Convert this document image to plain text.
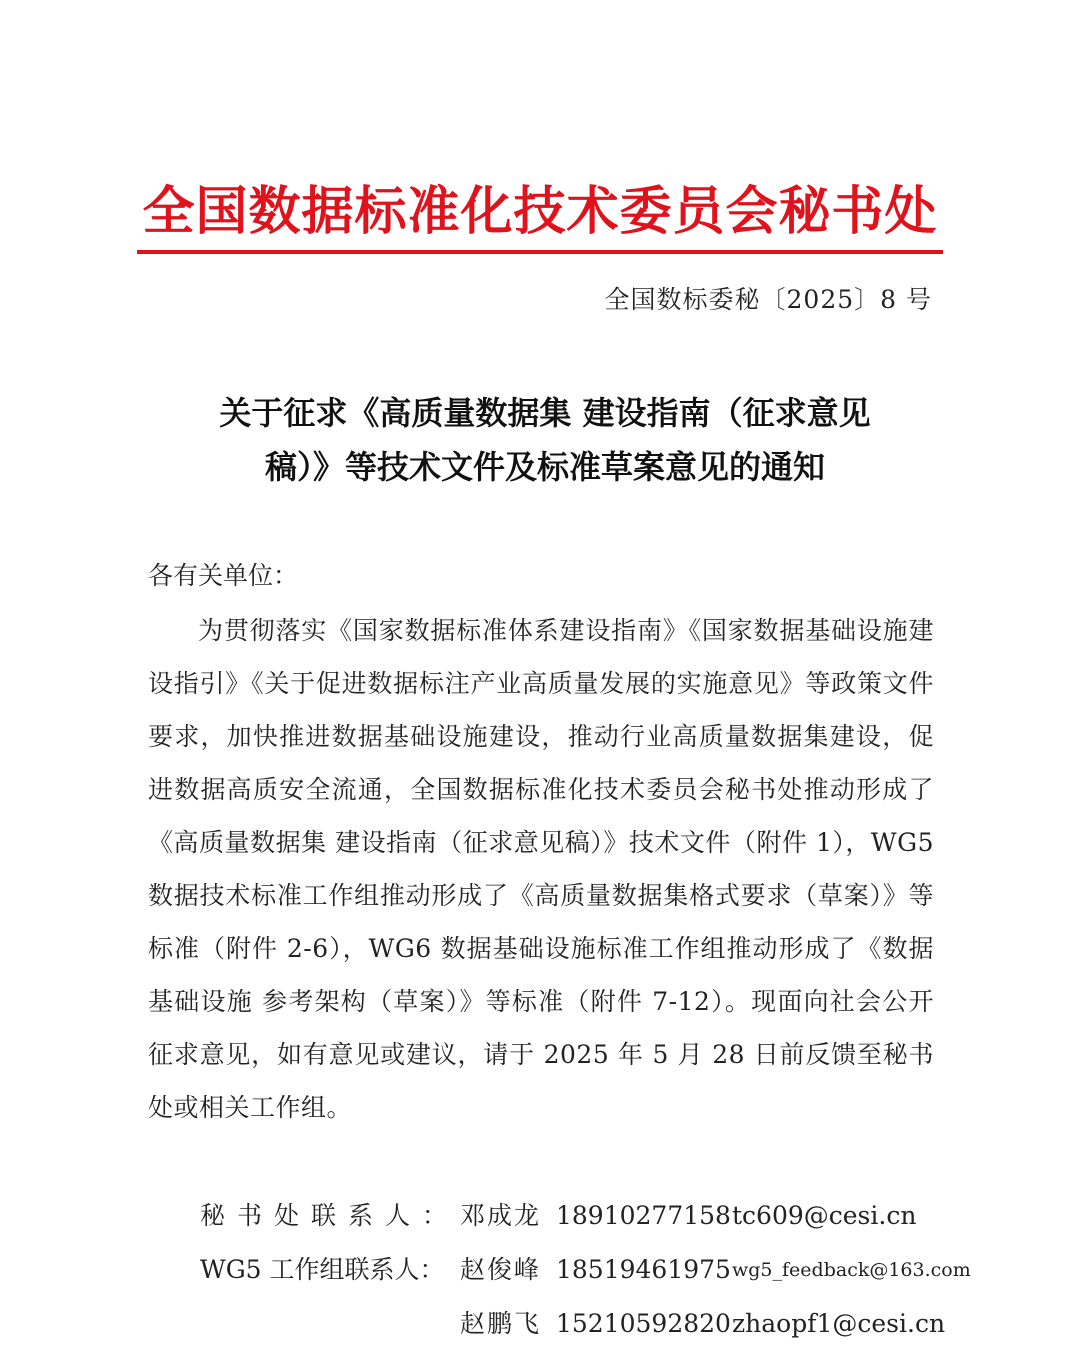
全国数据标准化技术委员会秘书处
全国数标委秘〔2025〕8 号
关于征求《高质量数据集 建设指南（征求意见
稿）》等技术文件及标准草案意见的通知
各有关单位：
为贯彻落实《国家数据标准体系建设指南》《国家数据基础设施建设指引》《关于促进数据标注产业高质量发展的实施意见》等政策文件要求，加快推进数据基础设施建设，推动行业高质量数据集建设，促进数据高质安全流通，全国数据标准化技术委员会秘书处推动形成了《高质量数据集 建设指南（征求意见稿）》技术文件（附件 1），WG5 数据技术标准工作组推动形成了《高质量数据集格式要求（草案）》等标准（附件 2-6），WG6 数据基础设施标准工作组推动形成了《数据基础设施 参考架构（草案）》等标准（附件 7-12）。现面向社会公开征求意见，如有意见或建议，请于 2025 年 5 月 28 日前反馈至秘书处或相关工作组。
秘书处联系人： 邓成龙 18910277158 tc609@cesi.cn
WG5 工作组联系人： 赵俊峰 18519461975 wg5_feedback@163.com
赵鹏飞 15210592820 zhaopf1@cesi.cn
